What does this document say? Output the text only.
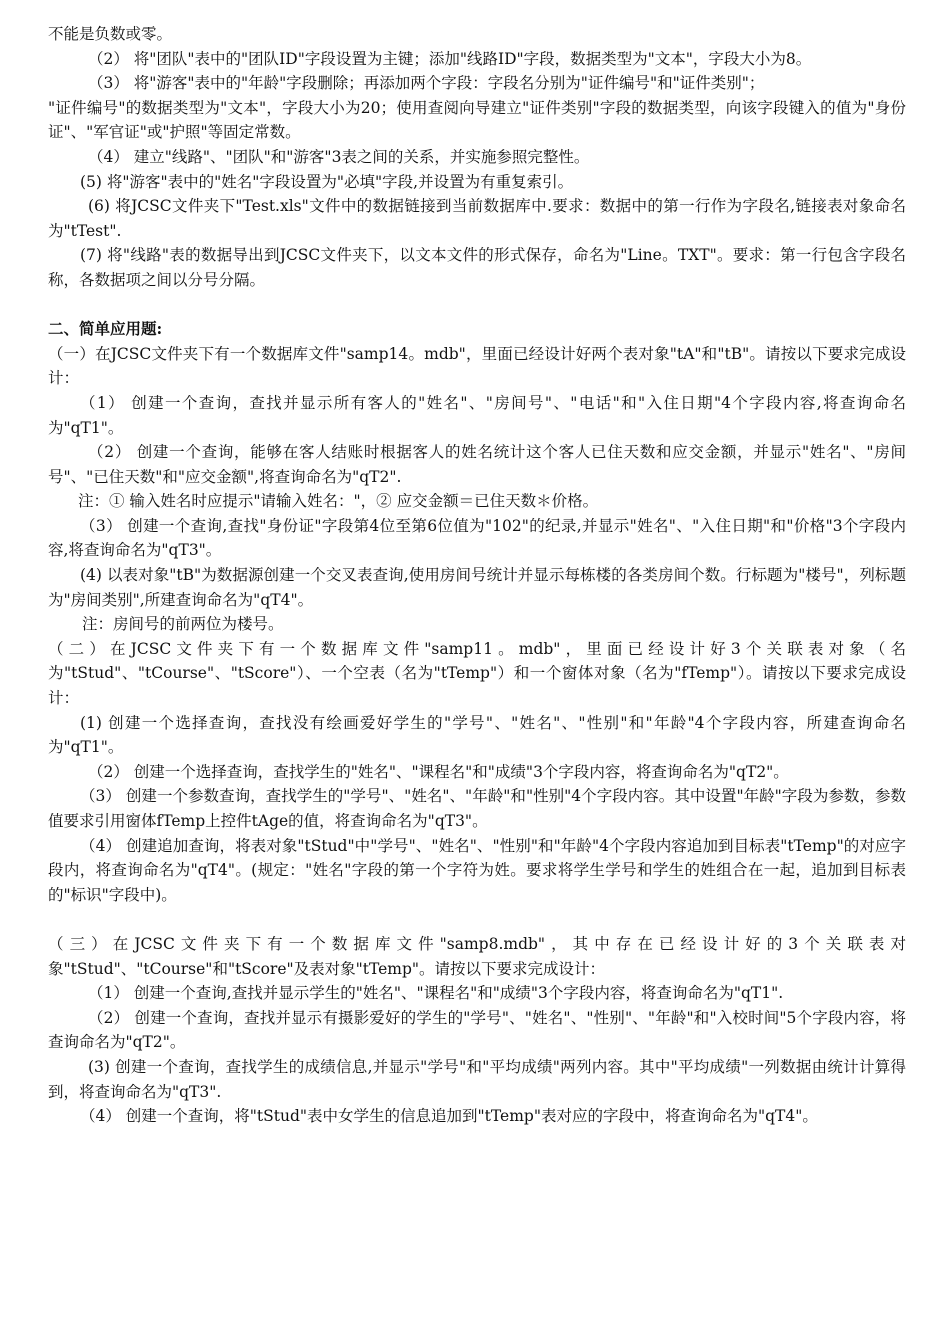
不能是负数或零。

（2） 将"团队"表中的"团队ID"字段设置为主键；添加"线路ID"字段，数据类型为"文本"，字段大小为8。

（3） 将"游客"表中的"年龄"字段删除；再添加两个字段：字段名分别为"证件编号"和"证件类别"；

"证件编号"的数据类型为"文本"，字段大小为20；使用查阅向导建立"证件类别"字段的数据类型，向该字段键入的值为"身份证"、"军官证"或"护照"等固定常数。

（4） 建立"线路"、"团队"和"游客"3表之间的关系，并实施参照完整性。

(5) 将"游客"表中的"姓名"字段设置为"必填"字段,并设置为有重复索引。

(6) 将JCSC文件夹下"Test.xls"文件中的数据链接到当前数据库中.要求：数据中的第一行作为字段名,链接表对象命名为"tTest".

(7) 将"线路"表的数据导出到JCSC文件夹下，以文本文件的形式保存，命名为"Line。TXT"。要求：第一行包含字段名称，各数据项之间以分号分隔。

二、简单应用题:

（一）在JCSC文件夹下有一个数据库文件"samp14。mdb"，里面已经设计好两个表对象"tA"和"tB"。请按以下要求完成设计：

（1） 创建一个查询，查找并显示所有客人的"姓名"、"房间号"、"电话"和"入住日期"4个字段内容,将查询命名为"qT1"。

（2） 创建一个查询，能够在客人结账时根据客人的姓名统计这个客人已住天数和应交金额，并显示"姓名"、"房间号"、"已住天数"和"应交金额",将查询命名为"qT2".

注：① 输入姓名时应提示"请输入姓名："，② 应交金额＝已住天数＊价格。

（3） 创建一个查询,查找"身份证"字段第4位至第6位值为"102"的纪录,并显示"姓名"、"入住日期"和"价格"3个字段内容,将查询命名为"qT3"。

(4) 以表对象"tB"为数据源创建一个交叉表查询,使用房间号统计并显示每栋楼的各类房间个数。行标题为"楼号"，列标题为"房间类别",所建查询命名为"qT4"。

注：房间号的前两位为楼号。

（二）在JCSC文件夹下有一个数据库文件"samp11。mdb"，里面已经设计好3个关联表对象（名为"tStud"、"tCourse"、"tScore"）、一个空表（名为"tTemp"）和一个窗体对象（名为"fTemp"）。请按以下要求完成设计：

(1) 创建一个选择查询，查找没有绘画爱好学生的"学号"、"姓名"、"性别"和"年龄"4个字段内容，所建查询命名为"qT1"。

（2） 创建一个选择查询，查找学生的"姓名"、"课程名"和"成绩"3个字段内容，将查询命名为"qT2"。

（3） 创建一个参数查询，查找学生的"学号"、"姓名"、"年龄"和"性别"4个字段内容。其中设置"年龄"字段为参数，参数值要求引用窗体fTemp上控件tAge的值，将查询命名为"qT3"。

（4） 创建追加查询，将表对象"tStud"中"学号"、"姓名"、"性别"和"年龄"4个字段内容追加到目标表"tTemp"的对应字段内，将查询命名为"qT4"。(规定："姓名"字段的第一个字符为姓。要求将学生学号和学生的姓组合在一起，追加到目标表的"标识"字段中)。

（三）在JCSC文件夹下有一个数据库文件"samp8.mdb"，其中存在已经设计好的3个关联表对象"tStud"、"tCourse"和"tScore"及表对象"tTemp"。请按以下要求完成设计：

（1） 创建一个查询,查找并显示学生的"姓名"、"课程名"和"成绩"3个字段内容，将查询命名为"qT1".

（2） 创建一个查询，查找并显示有摄影爱好的学生的"学号"、"姓名"、"性别"、"年龄"和"入校时间"5个字段内容，将查询命名为"qT2"。

(3) 创建一个查询，查找学生的成绩信息,并显示"学号"和"平均成绩"两列内容。其中"平均成绩"一列数据由统计计算得到，将查询命名为"qT3".

（4） 创建一个查询，将"tStud"表中女学生的信息追加到"tTemp"表对应的字段中，将查询命名为"qT4"。
